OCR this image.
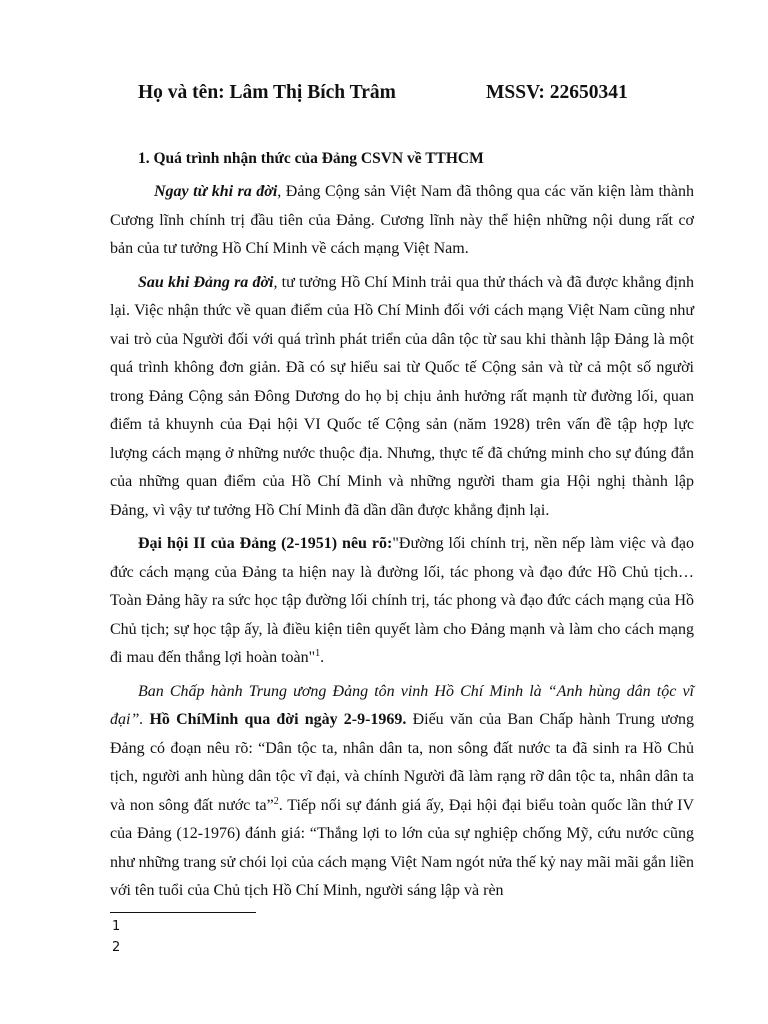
Họ và tên: Lâm Thị Bích Trâm	MSSV: 22650341
1. Quá trình nhận thức của Đảng CSVN về TTHCM

Ngay từ khi ra đời, Đảng Cộng sản Việt Nam đã thông qua các văn kiện làm thành Cương lĩnh chính trị đầu tiên của Đảng. Cương lĩnh này thể hiện những nội dung rất cơ bản của tư tưởng Hồ Chí Minh về cách mạng Việt Nam.

Sau khi Đảng ra đời, tư tưởng Hồ Chí Minh trải qua thử thách và đã được khẳng định lại. Việc nhận thức về quan điểm của Hồ Chí Minh đối với cách mạng Việt Nam cũng như vai trò của Người đối với quá trình phát triển của dân tộc từ sau khi thành lập Đảng là một quá trình không đơn giản. Đã có sự hiểu sai từ Quốc tế Cộng sản và từ cả một số người trong Đảng Cộng sản Đông Dương do họ bị chịu ảnh hưởng rất mạnh từ đường lối, quan điểm tả khuynh của Đại hội VI Quốc tế Cộng sản (năm 1928) trên vấn đề tập hợp lực lượng cách mạng ở những nước thuộc địa. Nhưng, thực tế đã chứng minh cho sự đúng đắn của những quan điểm của Hồ Chí Minh và những người tham gia Hội nghị thành lập Đảng, vì vậy tư tưởng Hồ Chí Minh đã dần dần được khẳng định lại.

Đại hội II của Đảng (2-1951) nêu rõ:"Đường lối chính trị, nền nếp làm việc và đạo đức cách mạng của Đảng ta hiện nay là đường lối, tác phong và đạo đức Hồ Chủ tịch…Toàn Đảng hãy ra sức học tập đường lối chính trị, tác phong và đạo đức cách mạng của Hồ Chủ tịch; sự học tập ấy, là điều kiện tiên quyết làm cho Đảng mạnh và làm cho cách mạng đi mau đến thắng lợi hoàn toàn"$^1$.

Ban Chấp hành Trung ương Đảng tôn vinh Hồ Chí Minh là “Anh hùng dân tộc vĩ đại”. Hồ ChíMinh qua đời ngày 2-9-1969. Điếu văn của Ban Chấp hành Trung ương Đảng có đoạn nêu rõ: “Dân tộc ta, nhân dân ta, non sông đất nước ta đã sinh ra Hồ Chủ tịch, người anh hùng dân tộc vĩ đại, và chính Người đã làm rạng rỡ dân tộc ta, nhân dân ta và non sông đất nước ta”$^2$. Tiếp nối sự đánh giá ấy, Đại hội đại biểu toàn quốc lần thứ IV của Đảng (12-1976) đánh giá: “Thắng lợi to lớn của sự nghiệp chống Mỹ, cứu nước cũng như những trang sử chói lọi của cách mạng Việt Nam ngót nửa thế kỷ nay mãi mãi gắn liền với tên tuổi của Chủ tịch Hồ Chí Minh, người sáng lập và rèn

1
2
